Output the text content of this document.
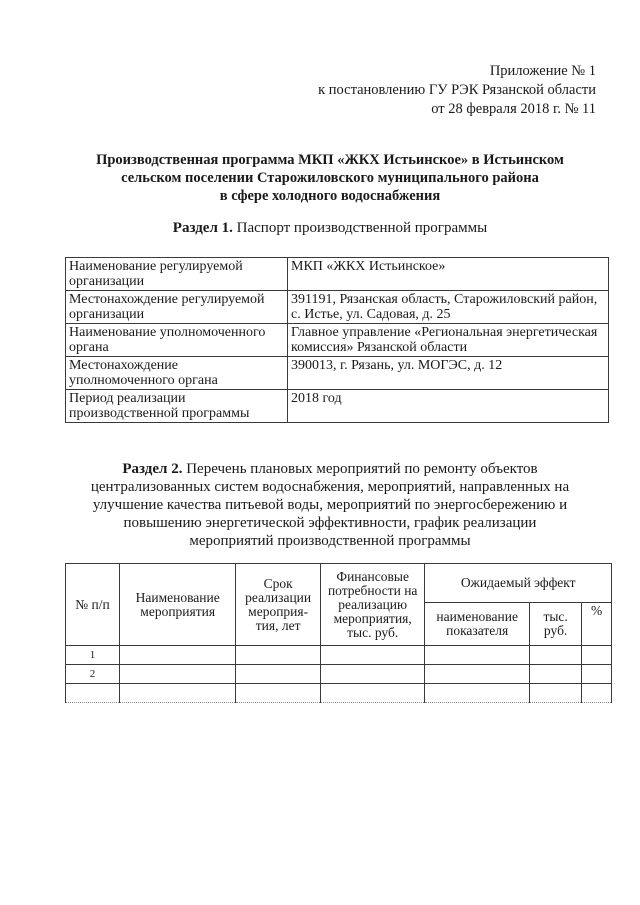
Приложение № 1
к постановлению ГУ РЭК Рязанской области
от 28 февраля 2018 г. № 11
Производственная программа МКП «ЖКХ Истьинское» в Истьинском
сельском поселении Старожиловского муниципального района
в сфере холодного водоснабжения
Раздел 1. Паспорт производственной программы
Наименование регулируемой организации	МКП «ЖКХ Истьинское»
Местонахождение регулируемой организации	391191, Рязанская область, Старожиловский район, с. Истье, ул. Садовая, д. 25
Наименование уполномоченного органа	Главное управление «Региональная энергетическая комиссия» Рязанской области
Местонахождение уполномоченного органа	390013, г. Рязань, ул. МОГЭС, д. 12
Период реализации производственной программы	2018 год
Раздел 2. Перечень плановых мероприятий по ремонту объектов
централизованных систем водоснабжения, мероприятий, направленных на
улучшение качества питьевой воды, мероприятий по энергосбережению и
повышению энергетической эффективности, график реализации
мероприятий производственной программы
№ п/п	Наименование мероприятия	Срок реализации мероприя-тия, лет	Финансовые потребности на реализацию мероприятия, тыс. руб.	Ожидаемый эффект		
				наименование показателя	тыс. руб.	%
1						
2						
